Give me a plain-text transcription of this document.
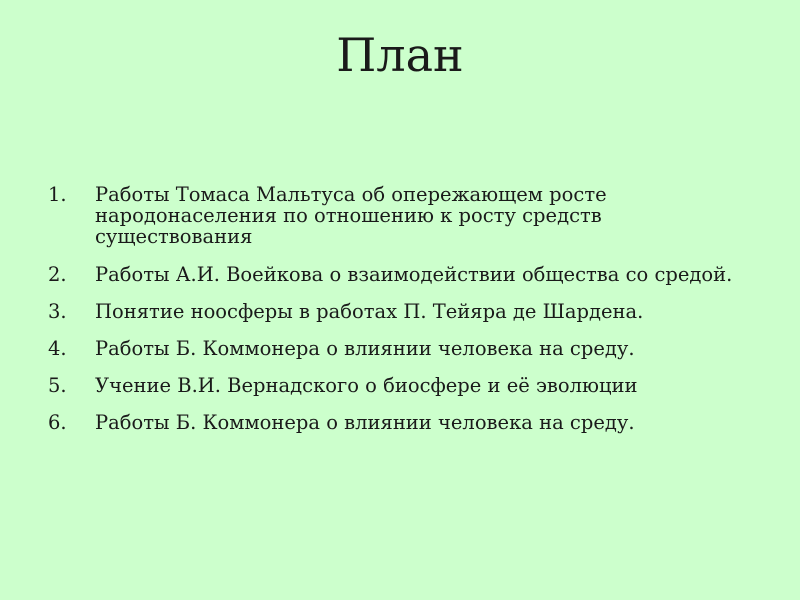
План
1.	Работы Томаса Мальтуса об опережающем росте народонаселения по отношению к росту средств существования
2.	Работы А.И. Воейкова о взаимодействии общества со средой.
3.	Понятие ноосферы в работах П. Тейяра де Шардена.
4.	Работы Б. Коммонера о влиянии человека на среду.
5.	Учение В.И. Вернадского о биосфере и её эволюции
6.	Работы Б. Коммонера о влиянии человека на среду.
